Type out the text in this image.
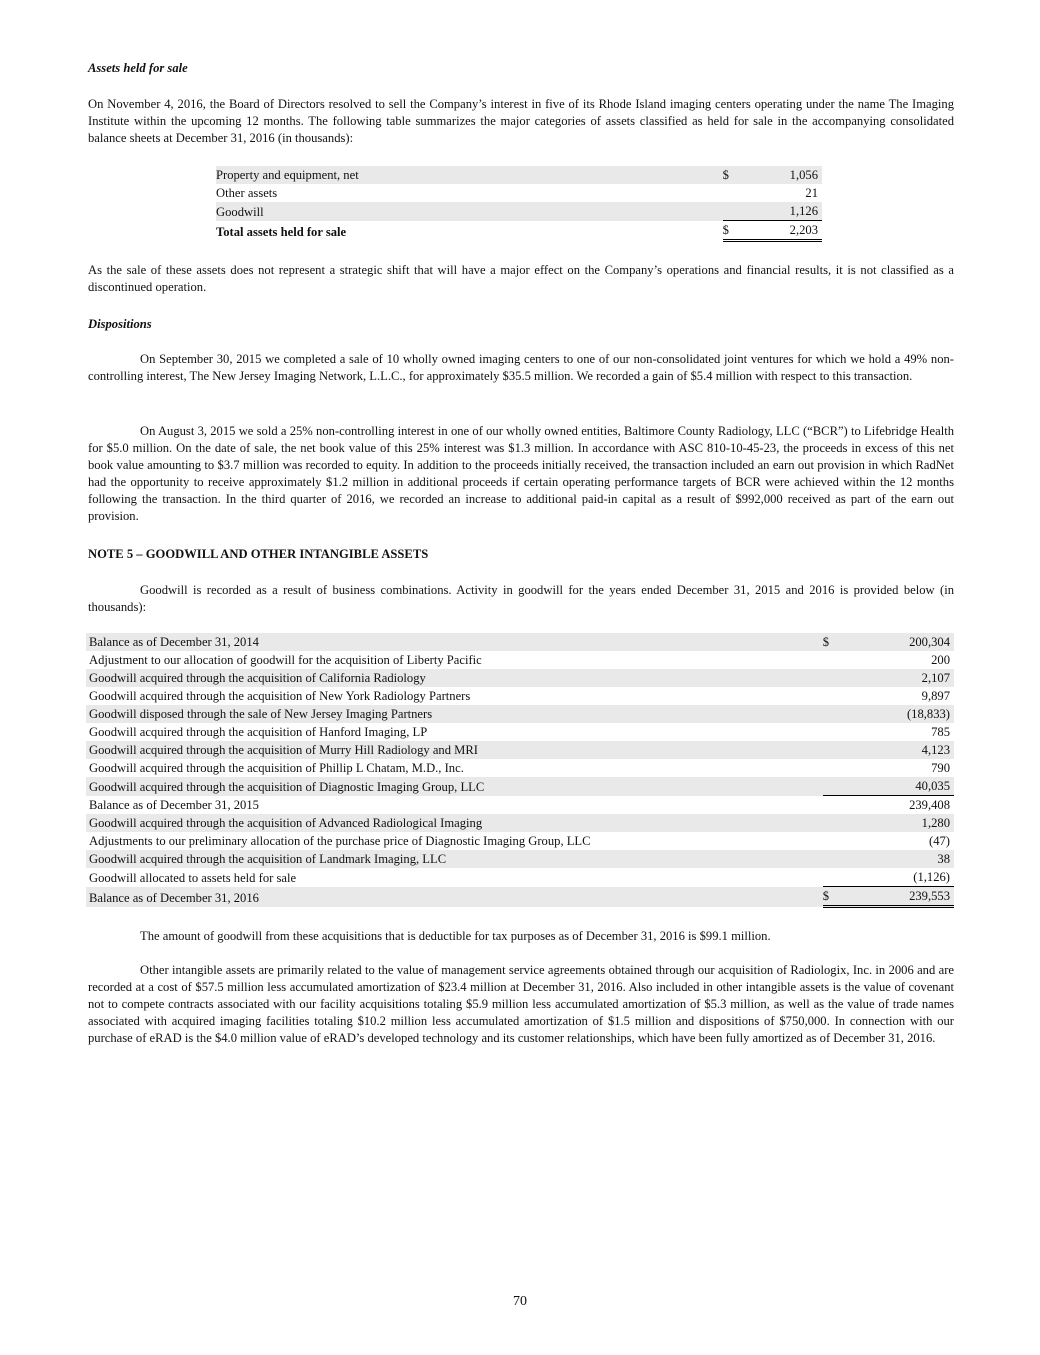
Assets held for sale

On November 4, 2016, the Board of Directors resolved to sell the Company’s interest in five of its Rhode Island imaging centers operating under the name The Imaging Institute within the upcoming 12 months. The following table summarizes the major categories of assets classified as held for sale in the accompanying consolidated balance sheets at December 31, 2016 (in thousands):

Property and equipment, net		$	1,056
Other assets			21
Goodwill			1,126
Total assets held for sale		$	2,203

As the sale of these assets does not represent a strategic shift that will have a major effect on the Company’s operations and financial results, it is not classified as a discontinued operation.

Dispositions

On September 30, 2015 we completed a sale of 10 wholly owned imaging centers to one of our non-consolidated joint ventures for which we hold a 49% non-controlling interest, The New Jersey Imaging Network, L.L.C., for approximately $35.5 million. We recorded a gain of $5.4 million with respect to this transaction.

On August 3, 2015 we sold a 25% non-controlling interest in one of our wholly owned entities, Baltimore County Radiology, LLC (“BCR”) to Lifebridge Health for $5.0 million. On the date of sale, the net book value of this 25% interest was $1.3 million. In accordance with ASC 810-10-45-23, the proceeds in excess of this net book value amounting to $3.7 million was recorded to equity. In addition to the proceeds initially received, the transaction included an earn out provision in which RadNet had the opportunity to receive approximately $1.2 million in additional proceeds if certain operating performance targets of BCR were achieved within the 12 months following the transaction. In the third quarter of 2016, we recorded an increase to additional paid-in capital as a result of $992,000 received as part of the earn out provision.

NOTE 5 – GOODWILL AND OTHER INTANGIBLE ASSETS

Goodwill is recorded as a result of business combinations. Activity in goodwill for the years ended December 31, 2015 and 2016 is provided below (in thousands):

Balance as of December 31, 2014		$	200,304
Adjustment to our allocation of goodwill for the acquisition of Liberty Pacific			200
Goodwill acquired through the acquisition of California Radiology			2,107
Goodwill acquired through the acquisition of New York Radiology Partners			9,897
Goodwill disposed through the sale of New Jersey Imaging Partners			(18,833)
Goodwill acquired through the acquisition of Hanford Imaging, LP			785
Goodwill acquired through the acquisition of Murry Hill Radiology and MRI			4,123
Goodwill acquired through the acquisition of Phillip L Chatam, M.D., Inc.			790
Goodwill acquired through the acquisition of Diagnostic Imaging Group, LLC			40,035
Balance as of December 31, 2015			239,408
Goodwill acquired through the acquisition of Advanced Radiological Imaging			1,280
Adjustments to our preliminary allocation of the purchase price of Diagnostic Imaging Group, LLC			(47)
Goodwill acquired through the acquisition of Landmark Imaging, LLC			38
Goodwill allocated to assets held for sale			(1,126)
Balance as of December 31, 2016		$	239,553

The amount of goodwill from these acquisitions that is deductible for tax purposes as of December 31, 2016 is $99.1 million.

Other intangible assets are primarily related to the value of management service agreements obtained through our acquisition of Radiologix, Inc. in 2006 and are recorded at a cost of $57.5 million less accumulated amortization of $23.4 million at December 31, 2016. Also included in other intangible assets is the value of covenant not to compete contracts associated with our facility acquisitions totaling $5.9 million less accumulated amortization of $5.3 million, as well as the value of trade names associated with acquired imaging facilities totaling $10.2 million less accumulated amortization of $1.5 million and dispositions of $750,000. In connection with our purchase of eRAD is the $4.0 million value of eRAD’s developed technology and its customer relationships, which have been fully amortized as of December 31, 2016.

70
